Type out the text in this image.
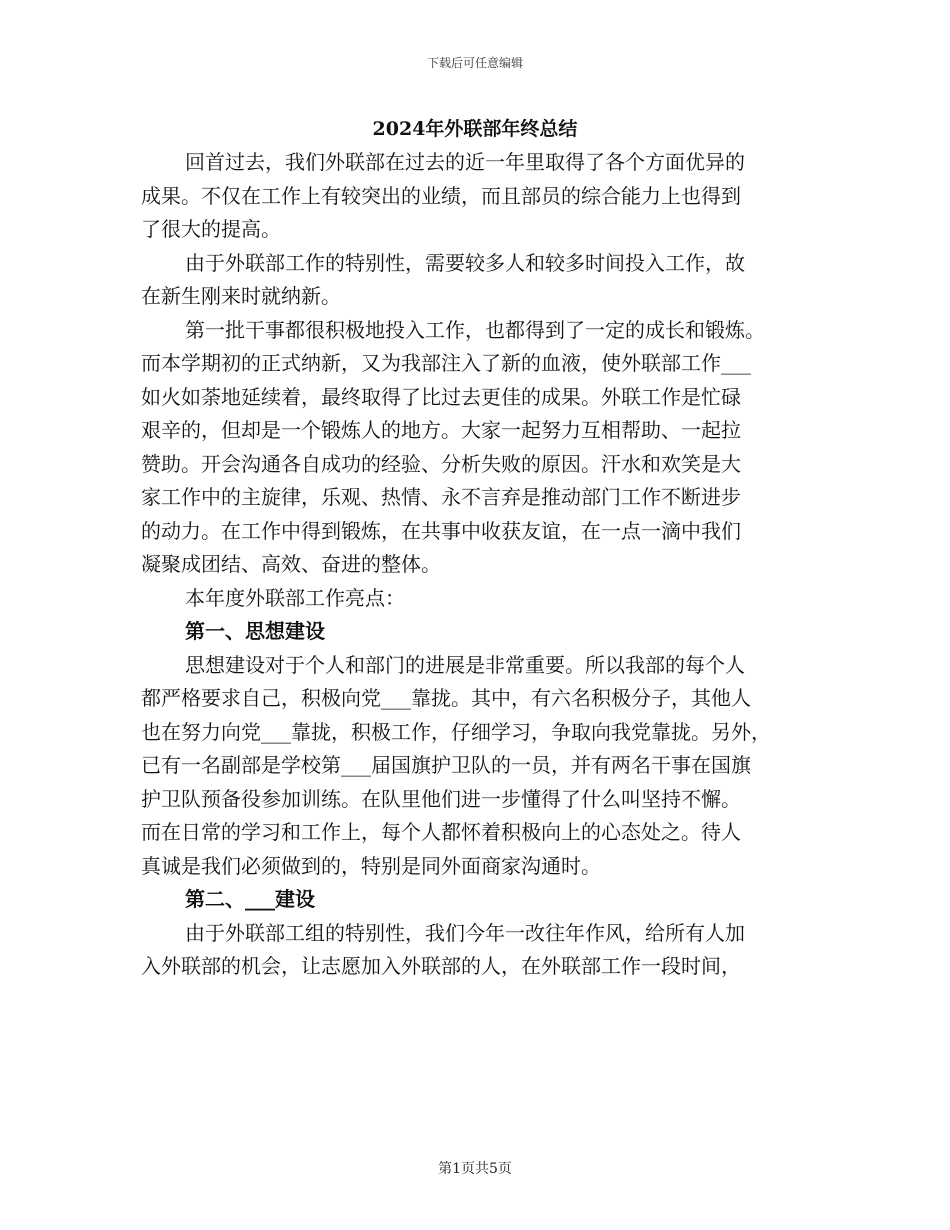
下载后可任意编辑
2024年外联部年终总结
回首过去，我们外联部在过去的近一年里取得了各个方面优异的
成果。不仅在工作上有较突出的业绩，而且部员的综合能力上也得到
了很大的提高。
由于外联部工作的特别性，需要较多人和较多时间投入工作，故
在新生刚来时就纳新。
第一批干事都很积极地投入工作，也都得到了一定的成长和锻炼。
而本学期初的正式纳新，又为我部注入了新的血液，使外联部工作___
如火如荼地延续着，最终取得了比过去更佳的成果。外联工作是忙碌
艰辛的，但却是一个锻炼人的地方。大家一起努力互相帮助、一起拉
赞助。开会沟通各自成功的经验、分析失败的原因。汗水和欢笑是大
家工作中的主旋律，乐观、热情、永不言弃是推动部门工作不断进步
的动力。在工作中得到锻炼，在共事中收获友谊，在一点一滴中我们
凝聚成团结、高效、奋进的整体。
本年度外联部工作亮点：
第一、思想建设
思想建设对于个人和部门的进展是非常重要。所以我部的每个人
都严格要求自己，积极向党___靠拢。其中，有六名积极分子，其他人
也在努力向党___靠拢，积极工作，仔细学习，争取向我党靠拢。另外，
已有一名副部是学校第___届国旗护卫队的一员，并有两名干事在国旗
护卫队预备役参加训练。在队里他们进一步懂得了什么叫坚持不懈。
而在日常的学习和工作上，每个人都怀着积极向上的心态处之。待人
真诚是我们必须做到的，特别是同外面商家沟通时。
第二、___建设
由于外联部工组的特别性，我们今年一改往年作风，给所有人加
入外联部的机会，让志愿加入外联部的人，在外联部工作一段时间，
第1页共5页
